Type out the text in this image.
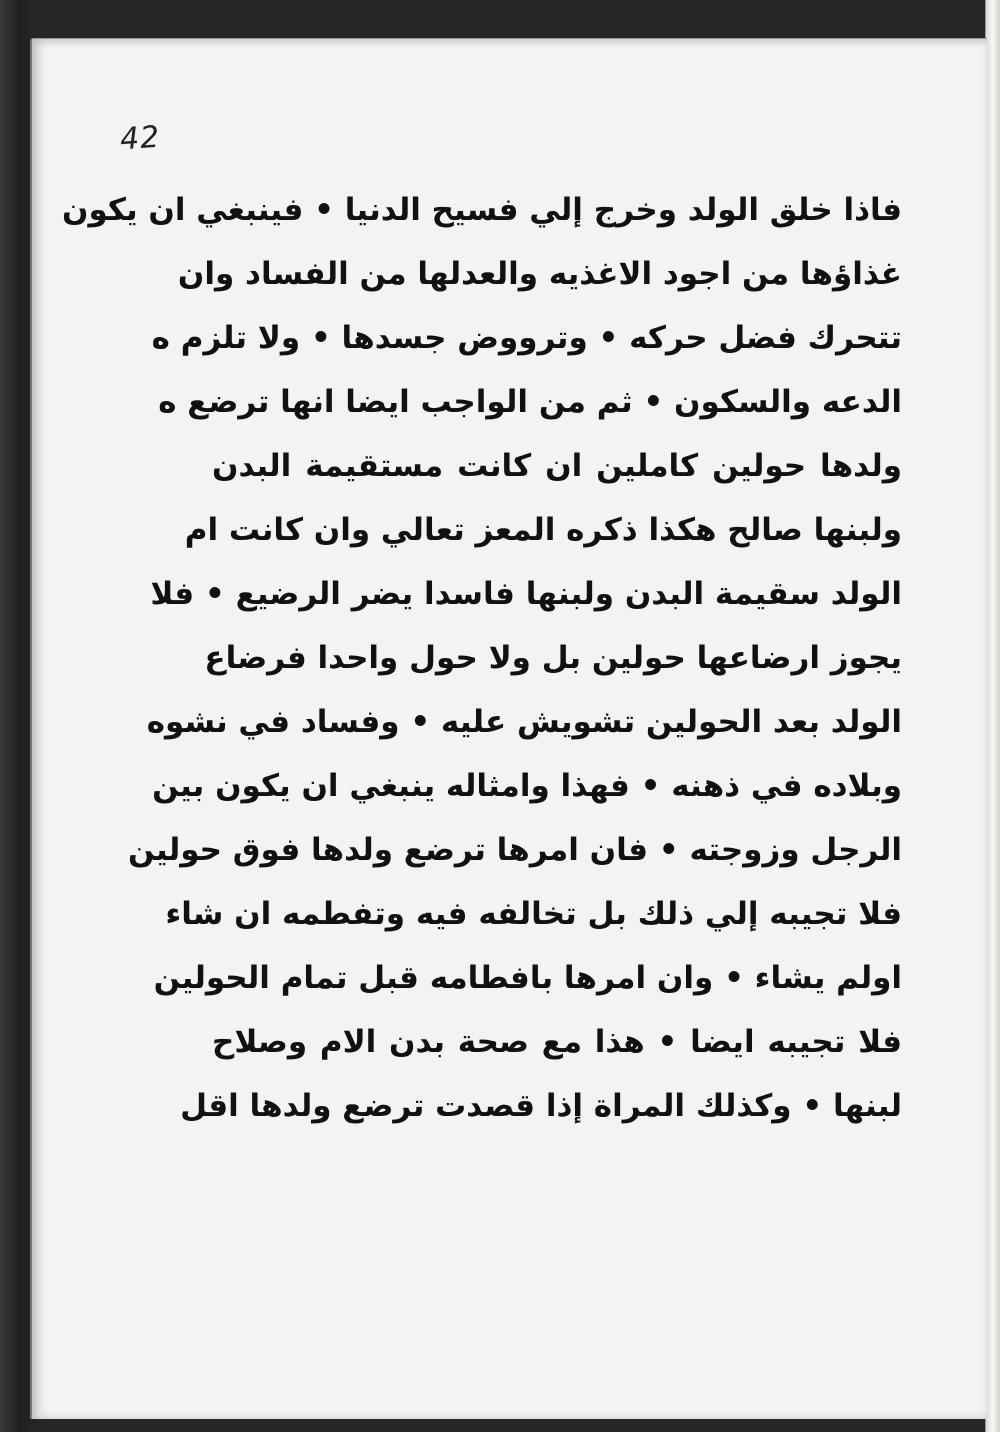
42
فاذا خلق الولد وخرج إلي فسيح الدنيا • فينبغي ان يكون
غذاؤها من اجود الاغذيه والعدلها من الفساد وان
تتحرك فضل حركه • وترووض جسدها • ولا تلزم ه
الدعه والسكون • ثم من الواجب ايضا انها ترضع ه
ولدها حولين كاملين ان كانت مستقيمة البدن
ولبنها صالح هكذا ذكره المعز تعالي وان كانت ام
الولد سقيمة البدن ولبنها فاسدا يضر الرضيع • فلا
يجوز ارضاعها حولين بل ولا حول واحدا فرضاع
الولد بعد الحولين تشويش عليه • وفساد في نشوه
وبلاده في ذهنه • فهذا وامثاله ينبغي ان يكون بين
الرجل وزوجته • فان امرها ترضع ولدها فوق حولين
فلا تجيبه إلي ذلك بل تخالفه فيه وتفطمه ان شاء
اولم يشاء • وان امرها بافطامه قبل تمام الحولين
فلا تجيبه ايضا • هذا مع صحة بدن الام وصلاح
لبنها • وكذلك المراة إذا قصدت ترضع ولدها اقل
